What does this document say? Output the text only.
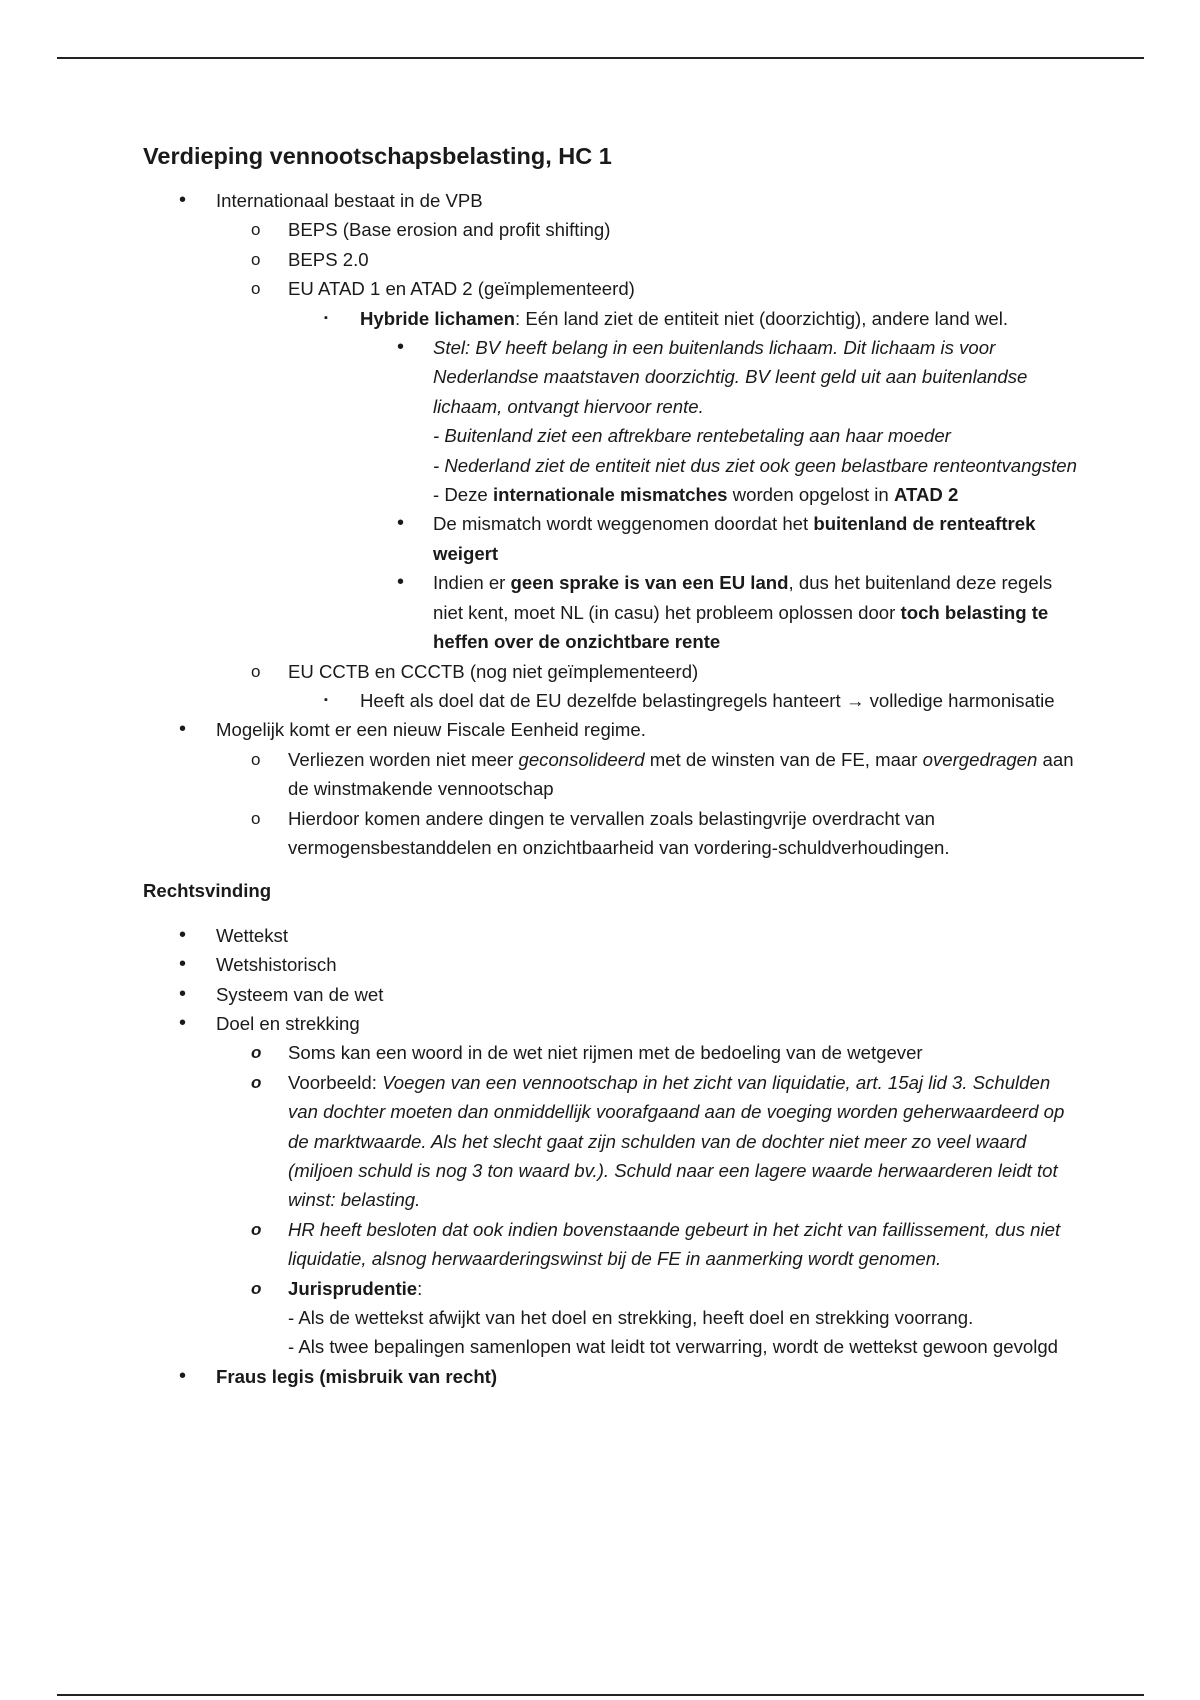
Verdieping vennootschapsbelasting, HC 1
• Internationaal bestaat in de VPB
o BEPS (Base erosion and profit shifting)
o BEPS 2.0
o EU ATAD 1 en ATAD 2 (geïmplementeerd)
▪ Hybride lichamen: Eén land ziet de entiteit niet (doorzichtig), andere land wel.
• Stel: BV heeft belang in een buitenlands lichaam. Dit lichaam is voor Nederlandse maatstaven doorzichtig. BV leent geld uit aan buitenlandse lichaam, ontvangt hiervoor rente.
- Buitenland ziet een aftrekbare rentebetaling aan haar moeder
- Nederland ziet de entiteit niet dus ziet ook geen belastbare renteontvangsten
- Deze internationale mismatches worden opgelost in ATAD 2
• De mismatch wordt weggenomen doordat het buitenland de renteaftrek weigert
• Indien er geen sprake is van een EU land, dus het buitenland deze regels niet kent, moet NL (in casu) het probleem oplossen door toch belasting te heffen over de onzichtbare rente
o EU CCTB en CCCTB (nog niet geïmplementeerd)
▪ Heeft als doel dat de EU dezelfde belastingregels hanteert → volledige harmonisatie
• Mogelijk komt er een nieuw Fiscale Eenheid regime.
o Verliezen worden niet meer geconsolideerd met de winsten van de FE, maar overgedragen aan de winstmakende vennootschap
o Hierdoor komen andere dingen te vervallen zoals belastingvrije overdracht van vermogensbestanddelen en onzichtbaarheid van vordering-schuldverhoudingen.
Rechtsvinding
• Wettekst
• Wetshistorisch
• Systeem van de wet
• Doel en strekking
o Soms kan een woord in de wet niet rijmen met de bedoeling van de wetgever
o Voorbeeld: Voegen van een vennootschap in het zicht van liquidatie, art. 15aj lid 3. Schulden van dochter moeten dan onmiddellijk voorafgaand aan de voeging worden geherwaardeerd op de marktwaarde. Als het slecht gaat zijn schulden van de dochter niet meer zo veel waard (miljoen schuld is nog 3 ton waard bv.). Schuld naar een lagere waarde herwaarderen leidt tot winst: belasting.
o HR heeft besloten dat ook indien bovenstaande gebeurt in het zicht van faillissement, dus niet liquidatie, alsnog herwaarderingswinst bij de FE in aanmerking wordt genomen.
o Jurisprudentie:
- Als de wettekst afwijkt van het doel en strekking, heeft doel en strekking voorrang.
- Als twee bepalingen samenlopen wat leidt tot verwarring, wordt de wettekst gewoon gevolgd
• Fraus legis (misbruik van recht)
